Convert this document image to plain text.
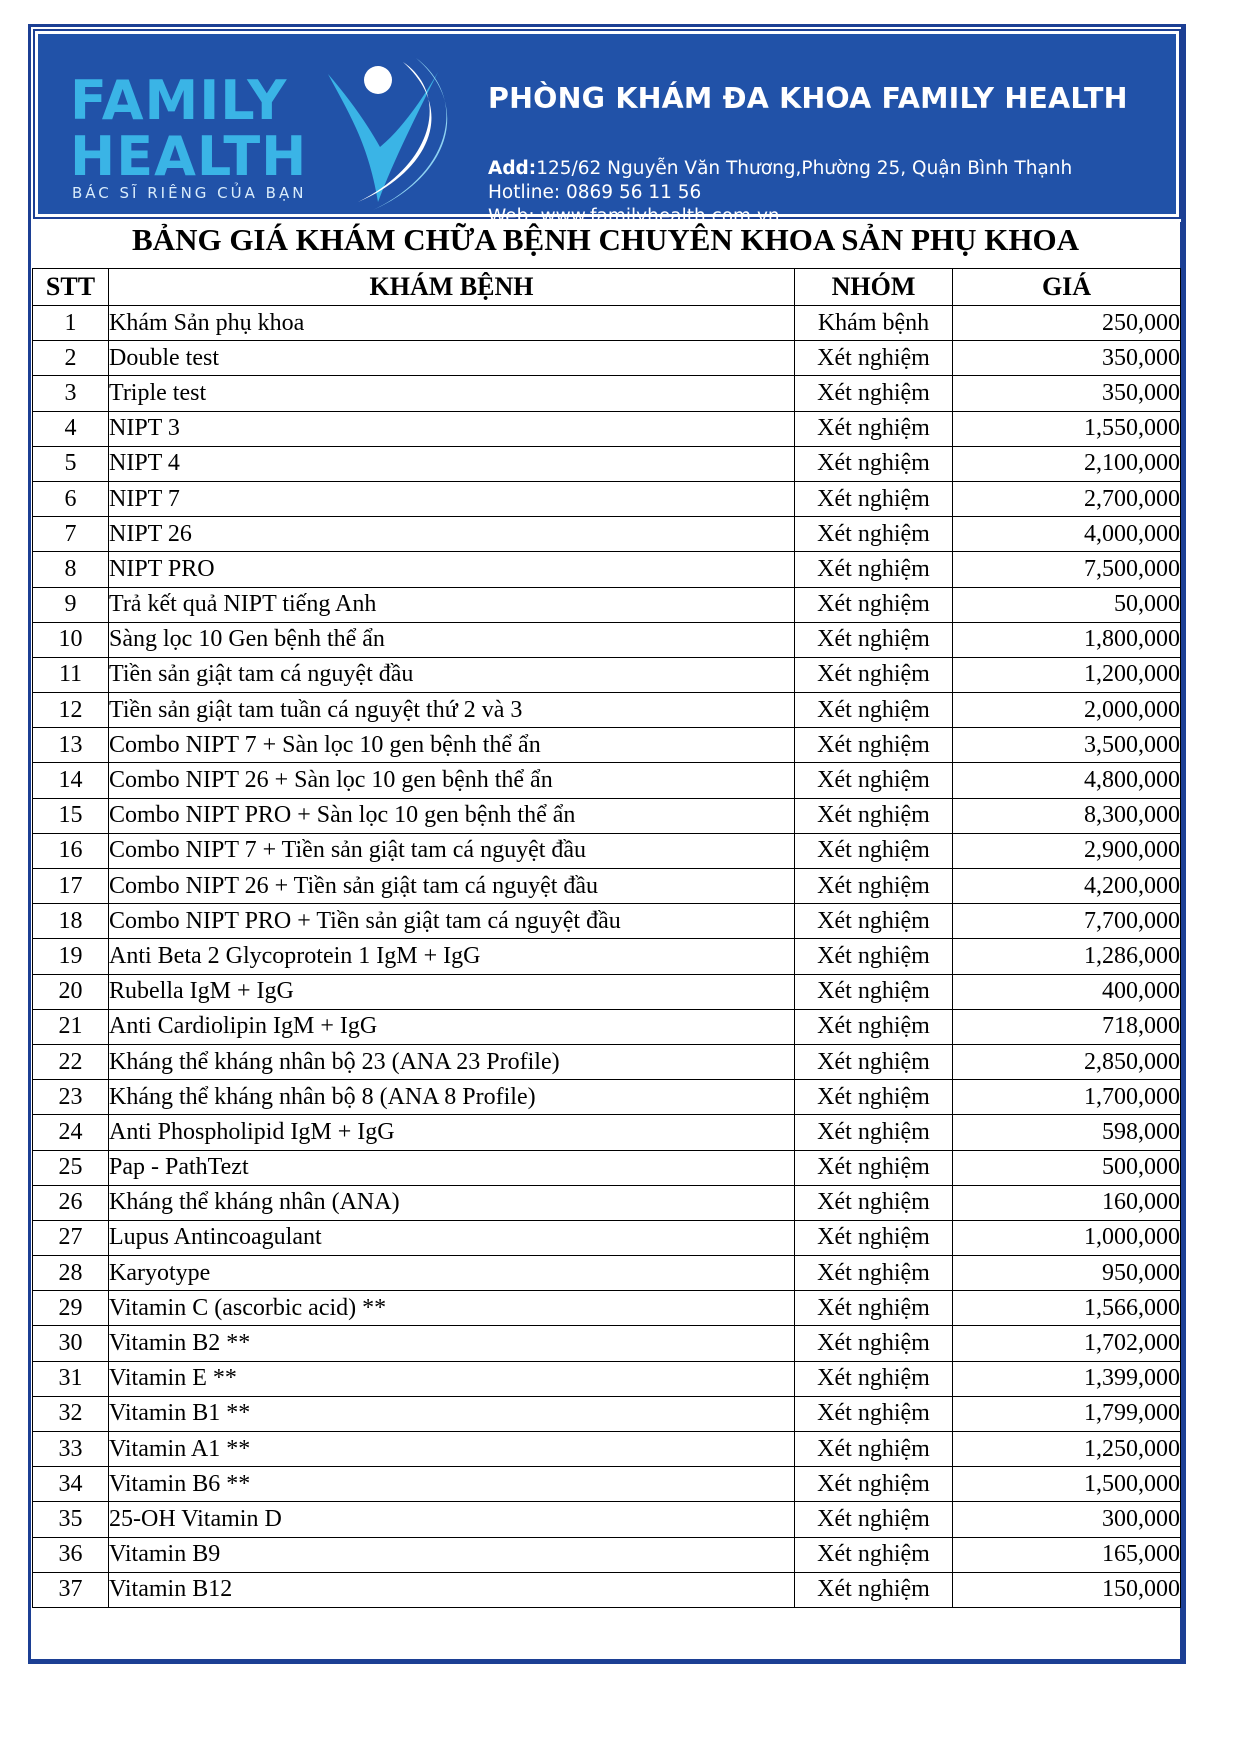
FAMILY
HEALTH
BÁC SĨ RIÊNG CỦA BẠN
PHÒNG KHÁM ĐA KHOA FAMILY HEALTH
Add:125/62 Nguyễn Văn Thương,Phường 25, Quận Bình Thạnh
Hotline: 0869 56 11 56
Web: www.familyhealth.com.vn
BẢNG GIÁ KHÁM CHỮA BỆNH CHUYÊN KHOA SẢN PHỤ KHOA
STT	KHÁM BỆNH	NHÓM	GIÁ
1	Khám Sản phụ khoa	Khám bệnh	250,000
2	Double test	Xét nghiệm	350,000
3	Triple test	Xét nghiệm	350,000
4	NIPT 3	Xét nghiệm	1,550,000
5	NIPT 4	Xét nghiệm	2,100,000
6	NIPT 7	Xét nghiệm	2,700,000
7	NIPT 26	Xét nghiệm	4,000,000
8	NIPT PRO	Xét nghiệm	7,500,000
9	Trả kết quả NIPT tiếng Anh	Xét nghiệm	50,000
10	Sàng lọc 10 Gen bệnh thể ẩn	Xét nghiệm	1,800,000
11	Tiền sản giật tam cá nguyệt đầu	Xét nghiệm	1,200,000
12	Tiền sản giật tam tuần cá nguyệt thứ 2 và 3	Xét nghiệm	2,000,000
13	Combo NIPT 7 + Sàn lọc 10 gen bệnh thể ẩn	Xét nghiệm	3,500,000
14	Combo NIPT 26 + Sàn lọc 10 gen bệnh thể ẩn	Xét nghiệm	4,800,000
15	Combo NIPT PRO + Sàn lọc 10 gen bệnh thể ẩn	Xét nghiệm	8,300,000
16	Combo NIPT 7 + Tiền sản giật tam cá nguyệt đầu	Xét nghiệm	2,900,000
17	Combo NIPT 26 + Tiền sản giật tam cá nguyệt đầu	Xét nghiệm	4,200,000
18	Combo NIPT PRO + Tiền sản giật tam cá nguyệt đầu	Xét nghiệm	7,700,000
19	Anti Beta 2 Glycoprotein 1 IgM + IgG	Xét nghiệm	1,286,000
20	Rubella IgM + IgG	Xét nghiệm	400,000
21	Anti Cardiolipin IgM + IgG	Xét nghiệm	718,000
22	Kháng thể kháng nhân bộ 23 (ANA 23 Profile)	Xét nghiệm	2,850,000
23	Kháng thể kháng nhân bộ 8 (ANA 8 Profile)	Xét nghiệm	1,700,000
24	Anti Phospholipid IgM + IgG	Xét nghiệm	598,000
25	Pap - PathTezt	Xét nghiệm	500,000
26	Kháng thể kháng nhân (ANA)	Xét nghiệm	160,000
27	Lupus Antincoagulant	Xét nghiệm	1,000,000
28	Karyotype	Xét nghiệm	950,000
29	Vitamin C (ascorbic acid) **	Xét nghiệm	1,566,000
30	Vitamin B2 **	Xét nghiệm	1,702,000
31	Vitamin E **	Xét nghiệm	1,399,000
32	Vitamin B1 **	Xét nghiệm	1,799,000
33	Vitamin A1 **	Xét nghiệm	1,250,000
34	Vitamin B6 **	Xét nghiệm	1,500,000
35	25-OH Vitamin D	Xét nghiệm	300,000
36	Vitamin B9	Xét nghiệm	165,000
37	Vitamin B12	Xét nghiệm	150,000
